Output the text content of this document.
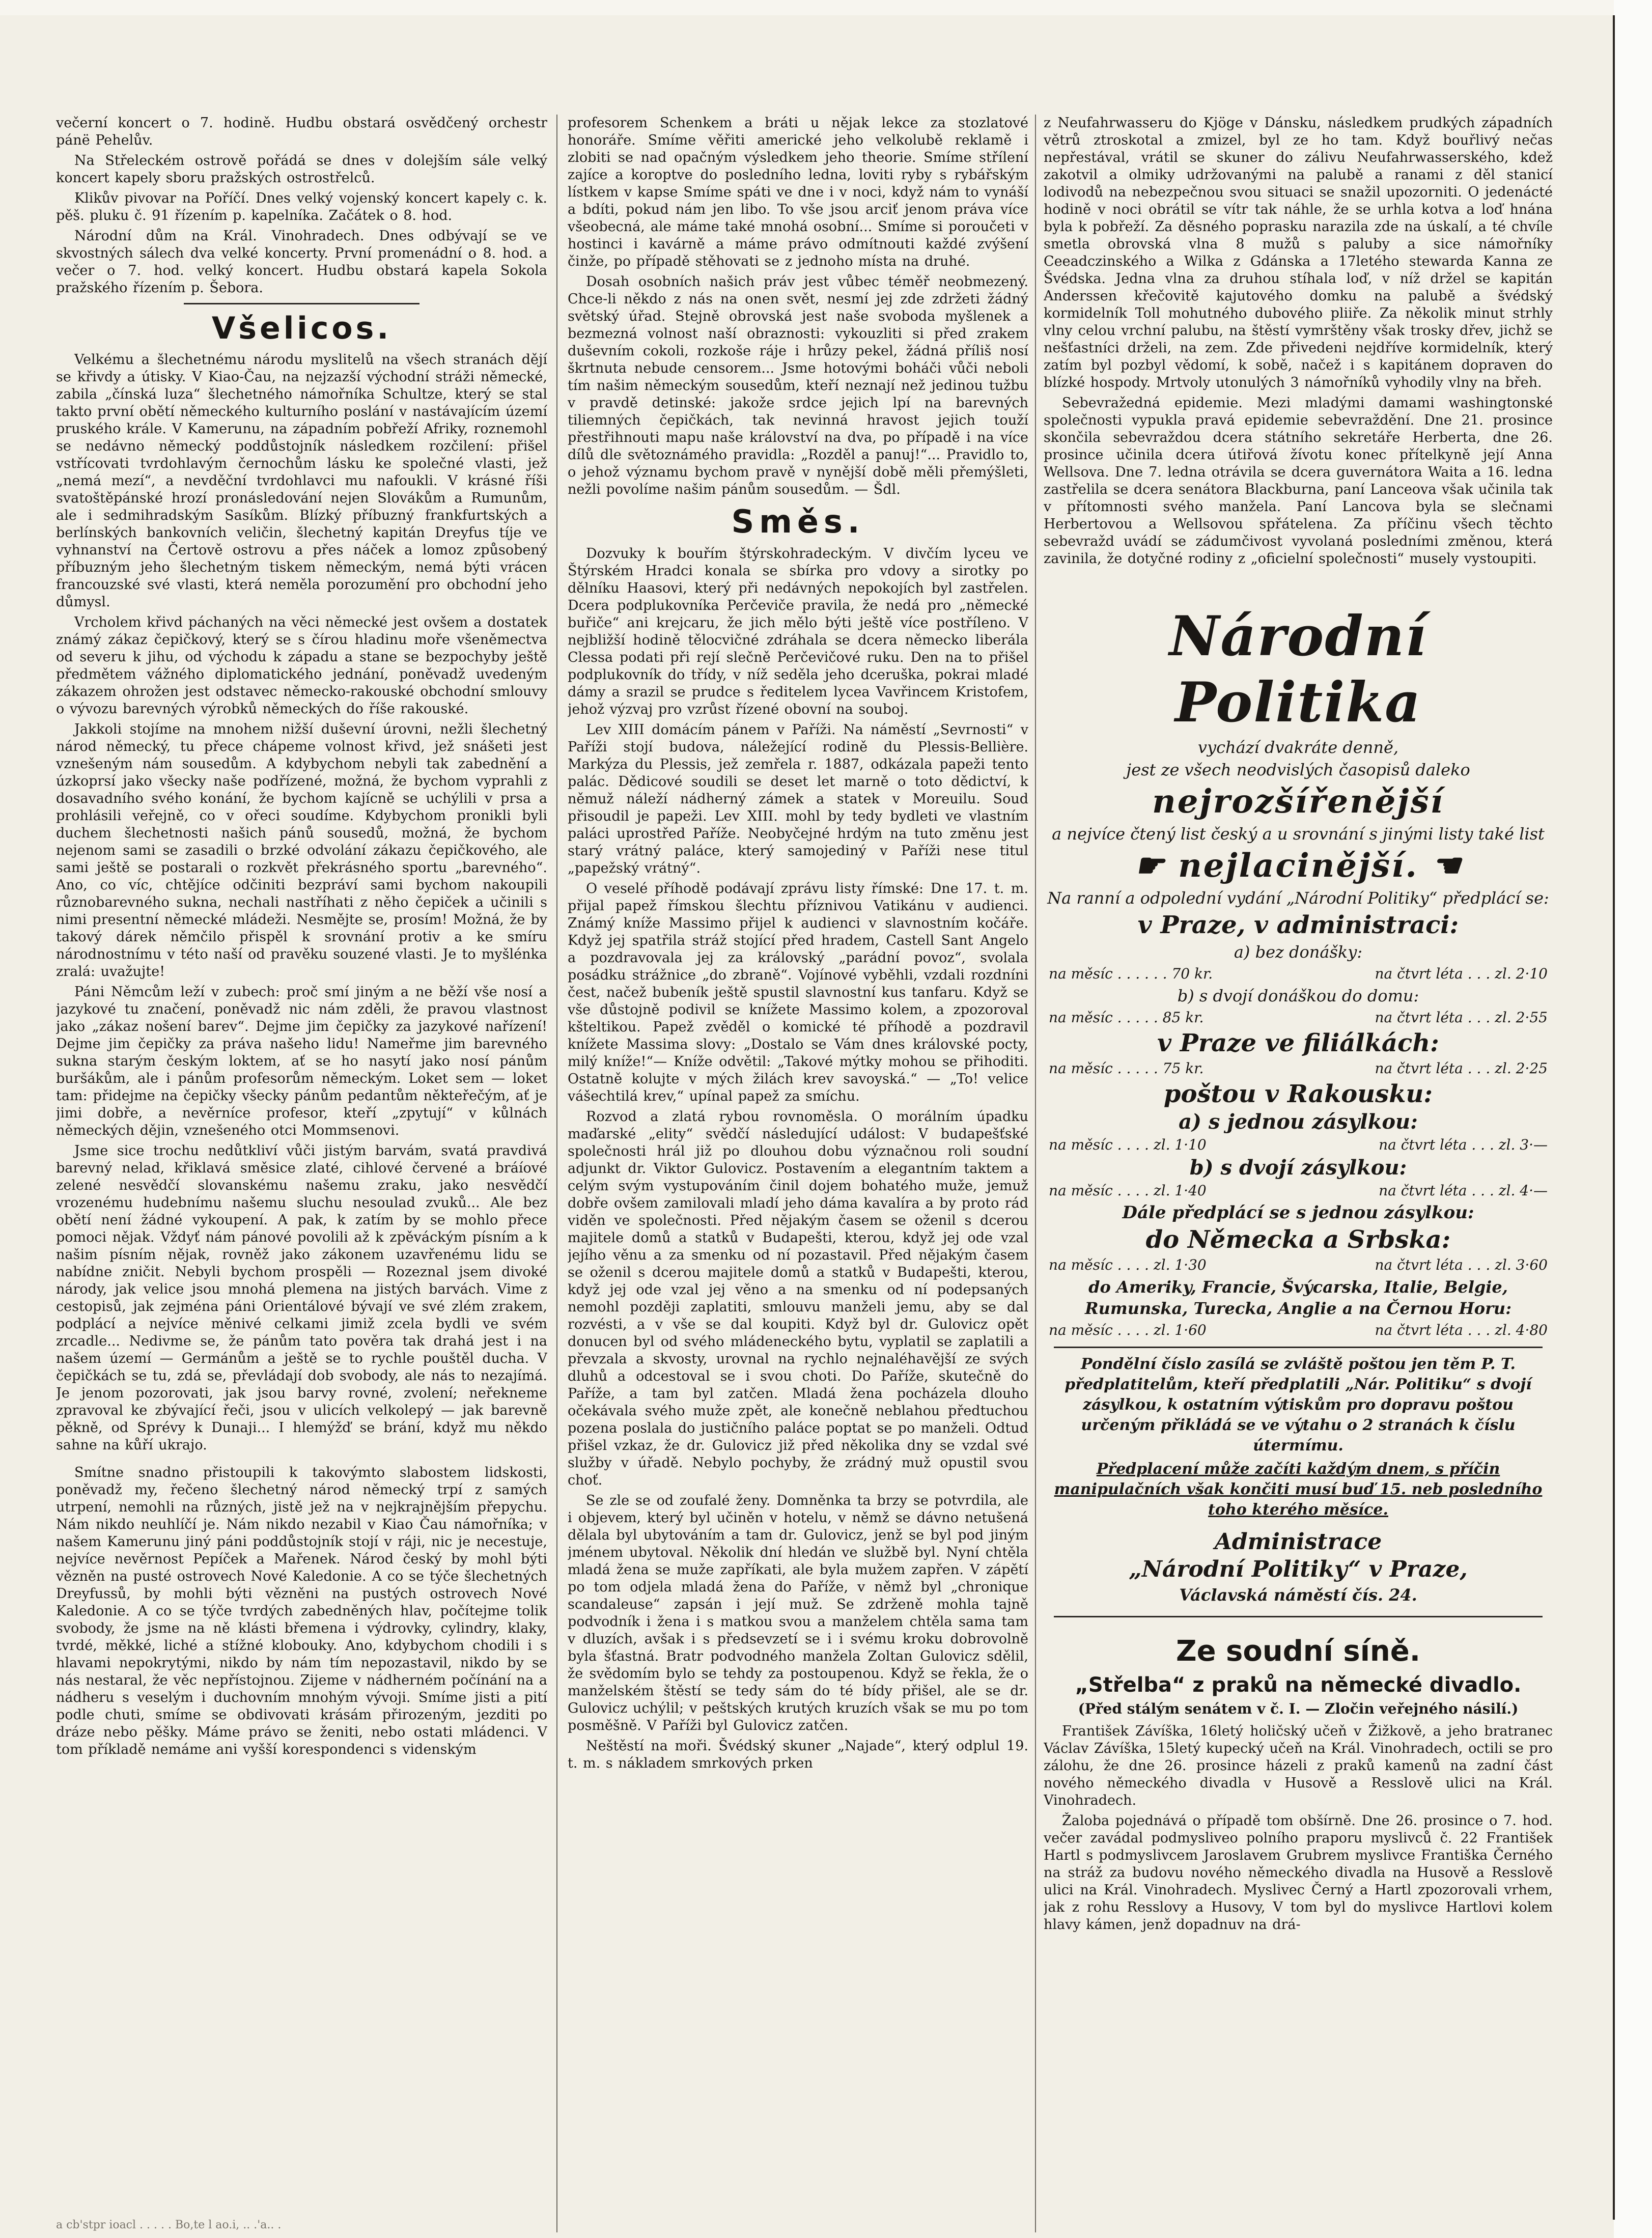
večerní koncert o 7. hodině. Hudbu obstará osvědčený orchestr pánë Pehelův.

Na Střeleckém ostrově pořádá se dnes v dolejším sále velký koncert kapely sboru pražských ostrostřelců.

Klikův pivovar na Poříčí. Dnes velký vojenský koncert kapely c. k. pěš. pluku č. 91 řízením p. kapelníka. Začátek o 8. hod.

Národní dům na Král. Vinohradech. Dnes odbývají se ve skvostných sálech dva velké koncerty. První promenádní o 8. hod. a večer o 7. hod. velký koncert. Hudbu obstará kapela Sokola pražského řízením p. Šebora.

Všelicos.

Velkému a šlechetnému národu myslitelů na všech stranách dějí se křivdy a útisky. V Kiao-Čau, na nejzazší východní stráži německé, zabila „čínská luza“ šlechetného námořníka Schultze, který se stal takto první obětí německého kulturního poslání v nastávajícím území pruského krále. V Kamerunu, na západním pobřeží Afriky, roznemohl se nedávno německý poddůstojník následkem rozčilení: přišel vstřícovati tvrdohlavým černochům lásku ke společné vlasti, jež „nemá mezí“, a nevděční tvrdohlavci mu nafoukli. V krásné říši svatoštěpánské hrozí pronásledování nejen Slovákům a Rumunům, ale i sedmihradským Sasíkům. Blízký příbuzný frankfurtských a berlínských bankovních veličin, šlechetný kapitán Dreyfus tíje ve vyhnanství na Čertově ostrovu a přes náček a lomoz způsobený příbuzným jeho šlechetným tiskem německým, nemá býti vrácen francouzské své vlasti, která neměla porozumění pro obchodní jeho důmysl.

Vrcholem křivd páchaných na věci německé jest ovšem a dostatek známý zákaz čepičkový, který se s čírou hladinu moře všeněmectva od severu k jihu, od východu k západu a stane se bezpochyby ještě předmětem vážného diplomatického jednání, poněvadž uvedeným zákazem ohrožen jest odstavec německo-rakouské obchodní smlouvy o vývozu barevných výrobků německých do říše rakouské.

Jakkoli stojíme na mnohem nižší duševní úrovni, nežli šlechetný národ německý, tu přece chápeme volnost křivd, jež snášeti jest vznešeným nám sousedům. A kdybychom nebyli tak zabednění a úzkoprsí jako všecky naše podřízené, možná, že bychom vyprahli z dosavadního svého konání, že bychom kajícně se uchýlili v prsa a prohlásili veřejně, co v ořeci soudíme. Kdybychom pronikli byli duchem šlechetnosti našich pánů sousedů, možná, že bychom nejenom sami se zasadili o brzké odvolání zákazu čepičkového, ale sami ještě se postarali o rozkvět překrásného sportu „barevného“. Ano, co víc, chtějíce odčiniti bezpráví sami bychom nakoupili různobarevného sukna, nechali nastříhati z něho čepiček a učinili s nimi presentní německé mládeži. Nesmějte se, prosím! Možná, že by takový dárek němčilo přispěl k srovnání protiv a ke smíru národnostnímu v této naší od pravěku souzené vlasti. Je to myšlénka zralá: uvažujte!

Páni Němcům leží v zubech: proč smí jiným a ne běží vše nosí a jazykové tu značení, poněvadž nic nám zděli, že pravou vlastnost jako „zákaz nošení barev“. Dejme jim čepičky za jazykové nařízení! Dejme jim čepičky za práva našeho lidu! Nameřme jim barevného sukna starým českým loktem, ať se ho nasytí jako nosí pánům buršákům, ale i pánům profesorům německým. Loket sem — loket tam: přidejme na čepičky všecky pánům pedantům někteřečým, ať je jimi dobře, a nevěrníce profesor, kteří „zpytují“ v kůlnách německých dějin, vznešeného otci Mommsenovi.

Jsme sice trochu nedůtkliví vůči jistým barvám, svatá pravdivá barevný nelad, křiklavá směsice zlaté, cihlové červené a bráíové zelené nesvědčí slovanskému našemu zraku, jako nesvědčí vrozenému hudebnímu našemu sluchu nesoulad zvuků... Ale bez obětí není žádné vykoupení. A pak, k zatím by se mohlo přece pomoci nějak. Vždyť nám pánové povolili až k zpěváckým písním a k našim písním nějak, rovněž jako zákonem uzavřenému lidu se nabídne zničit. Nebyli bychom prospěli — Rozeznal jsem divoké národy, jak velice jsou mnohá plemena na jistých barvách. Vime z cestopisů, jak zejména páni Orientálové bývají ve své zlém zrakem, podplácí a nejvíce měnivé celkami jimiž zcela bydli ve svém zrcadle... Nedivme se, že pánům tato pověra tak drahá jest i na našem území — Germánům a ještě se to rychle pouštěl ducha. V čepičkách se tu, zdá se, převládají dob svobody, ale nás to nezajímá. Je jenom pozorovati, jak jsou barvy rovné, zvolení; neřekneme zpravoval ke zbývající řeči, jsou v ulicích velkolepý — jak barevně pěkně, od Sprévy k Dunaji... I hlemýžď se brání, když mu někdo sahne na kůří ukrajo.

Smítne snadno přistoupili k takovýmto slabostem lidskosti, poněvadž my, řečeno šlechetný národ německý trpí z samých utrpení, nemohli na různých, jistě jež na v nejkrajnějším přepychu. Nám nikdo neuhlíčí je. Nám nikdo nezabil v Kiao Čau námořníka; v našem Kamerunu jiný páni poddůstojník stojí v ráji, nic je necestuje, nejvíce nevěrnost Pepíček a Mařenek. Národ český by mohl býti vězněn na pusté ostrovech Nové Kaledonie. A co se týče šlechetných Dreyfussů, by mohli býti vězněni na pustých ostrovech Nové Kaledonie. A co se týče tvrdých zabedněných hlav, počítejme tolik svobody, že jsme na ně klásti břemena i výdrovky, cylindry, klaky, tvrdé, měkké, liché a stížné klobouky. Ano, kdybychom chodili i s hlavami nepokrytými, nikdo by nám tím nepozastavil, nikdo by se nás nestaral, že věc nepřístojnou. Zijeme v nádherném počínání na a nádheru s veselým i duchovním mnohým vývoji. Smíme jisti a pití podle chuti, smíme se obdivovati krásám přirozeným, jezditi po dráze nebo pěšky. Máme právo se ženiti, nebo ostati mládenci. V tom příkladě nemáme ani vyšší korespondenci s videnským

profesorem Schenkem a bráti u nějak lekce za stozlatové honoráře. Smíme věřiti americké jeho velkolubě reklamě i zlobiti se nad opačným výsledkem jeho theorie. Smíme střílení zajíce a koroptve do posledního ledna, loviti ryby s rybářským lístkem v kapse Smíme spáti ve dne i v noci, když nám to vynáší a bdíti, pokud nám jen libo. To vše jsou arciť jenom práva více všeobecná, ale máme také mnohá osobní... Smíme si poroučeti v hostinci i kavárně a máme právo odmítnouti každé zvýšení činže, po případě stěhovati se z jednoho místa na druhé.

Dosah osobních našich práv jest vůbec téměř neobmezený. Chce-li někdo z nás na onen svět, nesmí jej zde zdržeti žádný světský úřad. Stejně obrovská jest naše svoboda myšlenek a bezmezná volnost naší obraznosti: vykouzliti si před zrakem duševním cokoli, rozkoše ráje i hrůzy pekel, žádná příliš nosí škrtnuta nebude censorem... Jsme hotovými boháči vůči neboli tím našim německým sousedům, kteří neznají než jedinou tužbu v pravdě detinské: jakože srdce jejich lpí na barevných tiliemných čepičkách, tak nevinná hravost jejich touží přestřihnouti mapu naše království na dva, po případě i na více dílů dle světoznámého pravidla: „Rozděl a panuj!“... Pravidlo to, o jehož významu bychom pravě v nynější době měli přemýšleti, nežli povolíme našim pánům sousedům. — Šdl.

Směs.

Dozvuky k bouřím štýrskohradeckým. V divčím lyceu ve Štýrském Hradci konala se sbírka pro vdovy a sirotky po dělníku Haasovi, který při nedávných nepokojích byl zastřelen. Dcera podplukovníka Perčeviče pravila, že nedá pro „německé buřiče“ ani krejcaru, že jich mělo býti ještě více postříleno. V nejbližší hodině tělocvičné zdráhala se dcera německo liberála Clessa podati při rejí slečně Perčevičové ruku. Den na to přišel podplukovník do třídy, v níž seděla jeho dceruška, pokrai mladé dámy a srazil se prudce s ředitelem lycea Vavřincem Kristofem, jehož výzvaj pro vzrůst řízené obovní na souboj.

Lev XIII domácím pánem v Paříži. Na náměstí „Sevrnosti“ v Paříži stojí budova, náležející rodině du Plessis-Bellière. Markýza du Plessis, jež zemřela r. 1887, odkázala papeži tento palác. Dědicové soudili se deset let marně o toto dědictví, k němuž náleží nádherný zámek a statek v Moreuilu. Soud přisoudil je papeži. Lev XIII. mohl by tedy bydleti ve vlastním paláci uprostřed Paříže. Neobyčejné hrdým na tuto změnu jest starý vrátný paláce, který samojediný v Paříži nese titul „papežský vrátný“.

O veselé příhodě podávají zprávu listy římské: Dne 17. t. m. přijal papež římskou šlechtu příznivou Vatikánu v audienci. Známý kníže Massimo přijel k audienci v slavnostním kočáře. Když jej spatřila stráž stojící před hradem, Castell Sant Angelo a pozdravovala jej za královský „parádní povoz“, svolala posádku strážnice „do zbraně“. Vojínové vyběhli, vzdali rozdníni čest, načež bubeník ještě spustil slavnostní kus tanfaru. Když se vše důstojně podivil se knížete Massimo kolem, a zpozoroval kšteltikou. Papež zvěděl o komické té příhodě a pozdravil knížete Massima slovy: „Dostalo se Vám dnes královské pocty, milý kníže!“— Kníže odvětil: „Takové mýtky mohou se přihoditi. Ostatně kolujte v mých žilách krev savoyská.“ — „To! velice vášechtilá krev,“ upínal papež za smíchu.

Rozvod a zlatá rybou rovnoměsla. O morálním úpadku maďarské „elity“ svědčí následující událost: V budapešťské společnosti hrál již po dlouhou dobu význačnou roli soudní adjunkt dr. Viktor Gulovicz. Postavením a elegantním taktem a celým svým vystupováním činil dojem bohatého muže, jemuž dobře ovšem zamilovali mladí jeho dáma kavalíra a by proto rád viděn ve společnosti. Před nějakým časem se oženil s dcerou majitele domů a statků v Budapešti, kterou, když jej ode vzal jejího věnu a za smenku od ní pozastavil. Před nějakým časem se oženil s dcerou majitele domů a statků v Budapešti, kterou, když jej ode vzal jej věno a na smenku od ní podepsaných nemohl později zaplatiti, smlouvu manželi jemu, aby se dal rozvésti, a v vše se dal koupiti. Když byl dr. Gulovicz opět donucen byl od svého mládeneckého bytu, vyplatil se zaplatili a převzala a skvosty, urovnal na rychlo nejnaléhavější ze svých dluhů a odcestoval se i svou choti. Do Paříže, skutečně do Paříže, a tam byl zatčen. Mladá žena pocházela dlouho očekávala svého muže zpět, ale konečně neblahou předtuchou pozena poslala do justičního paláce poptat se po manželi. Odtud přišel vzkaz, že dr. Gulovicz již před několika dny se vzdal své služby v úřadě. Nebylo pochyby, že zrádný muž opustil svou choť.

Se zle se od zoufalé ženy. Domněnka ta brzy se potvrdila, ale i objevem, který byl učiněn v hotelu, v němž se dávno netušená dělala byl ubytováním a tam dr. Gulovicz, jenž se byl pod jiným jménem ubytoval. Několik dní hledán ve službě byl. Nyní chtěla mladá žena se muže zapříkati, ale byla mužem zapřen. V zápětí po tom odjela mladá žena do Paříže, v němž byl „chronique scandaleuse“ zapsán i její muž. Se zdrženě mohla tajně podvodník i žena i s matkou svou a manželem chtěla sama tam v dluzích, avšak i s předsevzetí se i i svému kroku dobrovolně byla šťastná. Bratr podvodného manžela Zoltan Gulovicz sdělil, že svědomím bylo se tehdy za postoupenou. Když se řekla, že o manželském štěstí se tedy sám do té bídy přišel, ale se dr. Gulovicz uchýlil; v peštských krutých kruzích však se mu po tom posměšně. V Paříži byl Gulovicz zatčen.

Neštěstí na moři. Švédský skuner „Najade“, který odplul 19. t. m. s nákladem smrkových prken

z Neufahrwasseru do Kjöge v Dánsku, následkem prudkých západních větrů ztroskotal a zmizel, byl ze ho tam. Když bouřlivý nečas nepřestával, vrátil se skuner do zálivu Neufahrwasserského, kdež zakotvil a olmiky udržovanými na palubě a ranami z děl stanicí lodivodů na nebezpečnou svou situaci se snažil upozorniti. O jedenácté hodině v noci obrátil se vítr tak náhle, že se urhla kotva a loď hnána byla k pobřeží. Za děsného poprasku narazila zde na úskalí, a té chvíle smetla obrovská vlna 8 mužů s paluby a sice námořníky Ceeadczinského a Wilka z Gdánska a 17letého stewarda Kanna ze Švédska. Jedna vlna za druhou stíhala loď, v níž držel se kapitán Anderssen křečovitě kajutového domku na palubě a švédský kormidelník Toll mohutného dubového pliiře. Za několik minut strhly vlny celou vrchní palubu, na štěstí vymrštěny však trosky dřev, jichž se nešťastníci drželi, na zem. Zde přivedeni nejdříve kormidelník, který zatím byl pozbyl vědomí, k sobě, načež i s kapitánem dopraven do blízké hospody. Mrtvoly utonulých 3 námořníků vyhodily vlny na břeh.

Sebevražedná epidemie. Mezi mladými damami washingtonské společnosti vypukla pravá epidemie sebevraždění. Dne 21. prosince skončila sebevraždou dcera státního sekretáře Herberta, dne 26. prosince učinila dcera útiřová žívotu konec přítelkyně její Anna Wellsova. Dne 7. ledna otrávila se dcera guvernátora Waita a 16. ledna zastřelila se dcera senátora Blackburna, paní Lanceova však učinila tak v přítomnosti svého manžela. Paní Lancova byla se slečnami Herbertovou a Wellsovou spřátelena. Za příčinu všech těchto sebevražd uvádí se zádumčivost vyvolaná posledními změnou, která zavinila, že dotyčné rodiny z „oficielní společnosti“ musely vystoupiti.

Národní Politika
vychází dvakráte denně,
jest ze všech neodvislých časopisů daleko
nejrozšířenější
a nejvíce čtený list český a u srovnání s jinými listy také list
☛ nejlacinější. ☚
Na ranní a odpolední vydání „Národní Politiky“ předplácí se:
v Praze, v administraci:
a) bez donášky:
na měsíc . . . . . . 70 kr.	na čtvrt léta . . . zl. 2·10
b) s dvojí donáškou do domu:
na měsíc . . . . . 85 kr.	na čtvrt léta . . . zl. 2·55
v Praze ve filiálkách:
na měsíc . . . . . 75 kr.	na čtvrt léta . . . zl. 2·25
poštou v Rakousku:
a) s jednou zásylkou:
na měsíc . . . . zl. 1·10	na čtvrt léta . . . zl. 3·—
b) s dvojí zásylkou:
na měsíc . . . . zl. 1·40	na čtvrt léta . . . zl. 4·—
Dále předplácí se s jednou zásylkou:
do Německa a Srbska:
na měsíc . . . . zl. 1·30	na čtvrt léta . . . zl. 3·60
do Ameriky, Francie, Švýcarska, Italie, Belgie, Rumunska, Turecka, Anglie a na Černou Horu:
na měsíc . . . . zl. 1·60	na čtvrt léta . . . zl. 4·80
Pondělní číslo zasílá se zvláště poštou jen těm P. T. předplatitelům, kteří předplatili „Nár. Politiku“ s dvojí zásylkou, k ostatním výtiskům pro dopravu poštou určeným přikládá se ve výtahu o 2 stranách k číslu útermímu.
Předplacení může začíti každým dnem, s příčin manipulačních však končiti musí buď 15. neb posledního toho kterého měsíce.
Administrace
„Národní Politiky“ v Praze,
Václavská náměstí čís. 24.
Ze soudní síně.
„Střelba“ z praků na německé divadlo.
(Před stálým senátem v č. I. — Zločin veřejného násilí.)

František Závíška, 16letý holičský učeň v Žižkově, a jeho bratranec Václav Závíška, 15letý kupecký učeň na Král. Vinohradech, octili se pro zálohu, že dne 26. prosince házeli z praků kamenů na zadní část nového německého divadla v Husově a Resslově ulici na Král. Vinohradech.

Žaloba pojednává o případě tom obšírně. Dne 26. prosince o 7. hod. večer zavádal podmysliveo polního praporu myslivců č. 22 František Hartl s podmyslivcem Jaroslavem Grubrem myslivce Františka Černého na stráž za budovu nového německého divadla na Husově a Resslově ulici na Král. Vinohradech. Myslivec Černý a Hartl zpozorovali vrhem, jak z rohu Resslovy a Husovy, V tom byl do myslivce Hartlovi kolem hlavy kámen, jenž dopadnuv na drá-

a cb'stpr ioacl . . . . . Bo,te l ao.i, .. .'a.. .
